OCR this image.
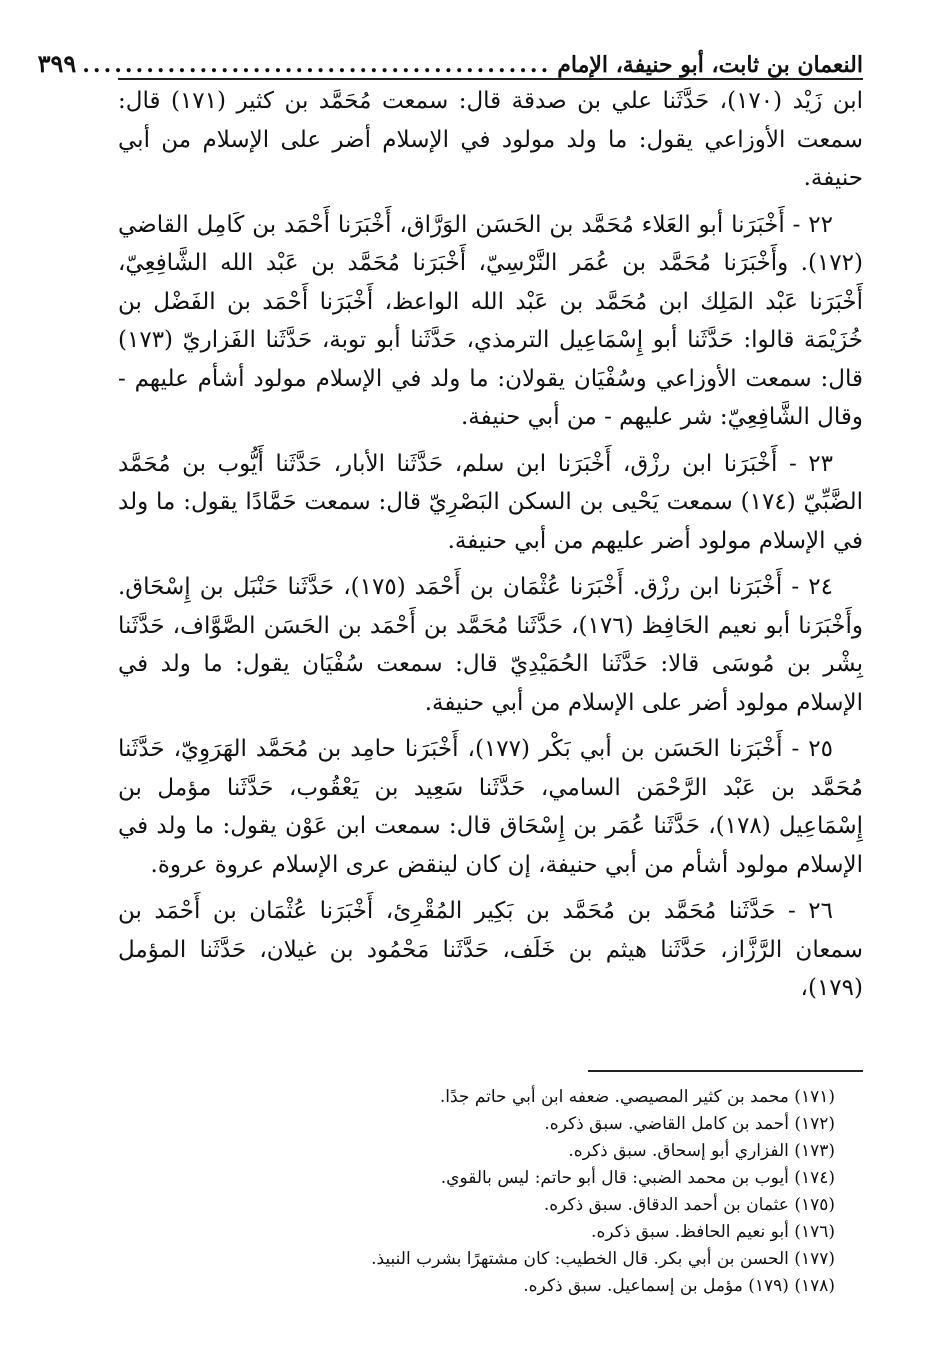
النعمان بن ثابت، أبو حنيفة، الإمام
............................................
٣٩٩

ابن زَيْد (١٧٠)، حَدَّثَنا علي بن صدقة قال: سمعت مُحَمَّد بن كثير (١٧١) قال: سمعت الأوزاعي يقول: ما ولد مولود في الإسلام أضر على الإسلام من أبي حنيفة.

٢٢ - أَخْبَرَنا أبو العَلاء مُحَمَّد بن الحَسَن الوَرَّاق، أَخْبَرَنا أَحْمَد بن كَامِل القاضي (١٧٢). وأَخْبَرَنا مُحَمَّد بن عُمَر النَّرْسِيّ، أَخْبَرَنا مُحَمَّد بن عَبْد الله الشَّافِعِيّ، أَخْبَرَنا عَبْد المَلِك ابن مُحَمَّد بن عَبْد الله الواعظ، أَخْبَرَنا أَحْمَد بن الفَضْل بن خُزَيْمَة قالوا: حَدَّثَنا أبو إِسْمَاعِيل الترمذي، حَدَّثَنا أبو توبة، حَدَّثَنا الفَزاريّ (١٧٣) قال: سمعت الأوزاعي وسُفْيَان يقولان: ما ولد في الإسلام مولود أشأم عليهم - وقال الشَّافِعِيّ: شر عليهم - من أبي حنيفة.

٢٣ - أَخْبَرَنا ابن رزْق، أَخْبَرَنا ابن سلم، حَدَّثَنا الأبار، حَدَّثَنا أَيُّوب بن مُحَمَّد الضَّبِّيّ (١٧٤) سمعت يَحْيى بن السكن البَصْرِيّ قال: سمعت حَمَّادًا يقول: ما ولد في الإسلام مولود أضر عليهم من أبي حنيفة.

٢٤ - أَخْبَرَنا ابن رزْق. أَخْبَرَنا عُثْمَان بن أَحْمَد (١٧٥)، حَدَّثَنا حَنْبَل بن إِسْحَاق. وأَخْبَرَنا أبو نعيم الحَافِظ (١٧٦)، حَدَّثَنا مُحَمَّد بن أَحْمَد بن الحَسَن الصَّوَّاف، حَدَّثَنا بِشْر بن مُوسَى قالا: حَدَّثَنا الحُمَيْدِيّ قال: سمعت سُفْيَان يقول: ما ولد في الإسلام مولود أضر على الإسلام من أبي حنيفة.

٢٥ - أَخْبَرَنا الحَسَن بن أبي بَكْر (١٧٧)، أَخْبَرَنا حامِد بن مُحَمَّد الهَرَوِيّ، حَدَّثَنا مُحَمَّد بن عَبْد الرَّحْمَن السامي، حَدَّثَنا سَعِيد بن يَعْقُوب، حَدَّثَنا مؤمل بن إِسْمَاعِيل (١٧٨)، حَدَّثَنا عُمَر بن إِسْحَاق قال: سمعت ابن عَوْن يقول: ما ولد في الإسلام مولود أشأم من أبي حنيفة، إن كان لينقض عرى الإسلام عروة عروة.

٢٦ - حَدَّثَنا مُحَمَّد بن مُحَمَّد بن بَكِير المُقْرِئ، أَخْبَرَنا عُثْمَان بن أَحْمَد بن سمعان الرَّزَّاز، حَدَّثَنا هيثم بن خَلَف، حَدَّثَنا مَحْمُود بن غيلان، حَدَّثَنا المؤمل (١٧٩)،

(١٧١) محمد بن كثير المصيصي. ضعفه ابن أبي حاتم جدًا.
(١٧٢) أحمد بن كامل القاضي. سبق ذكره.
(١٧٣) الفزاري أبو إسحاق. سبق ذكره.
(١٧٤) أيوب بن محمد الضبي: قال أبو حاتم: ليس بالقوي.
(١٧٥) عثمان بن أحمد الدقاق. سبق ذكره.
(١٧٦) أبو نعيم الحافظ. سبق ذكره.
(١٧٧) الحسن بن أبي بكر. قال الخطيب: كان مشتهرًا بشرب النبيذ.
(١٧٨) (١٧٩) مؤمل بن إسماعيل. سبق ذكره.
